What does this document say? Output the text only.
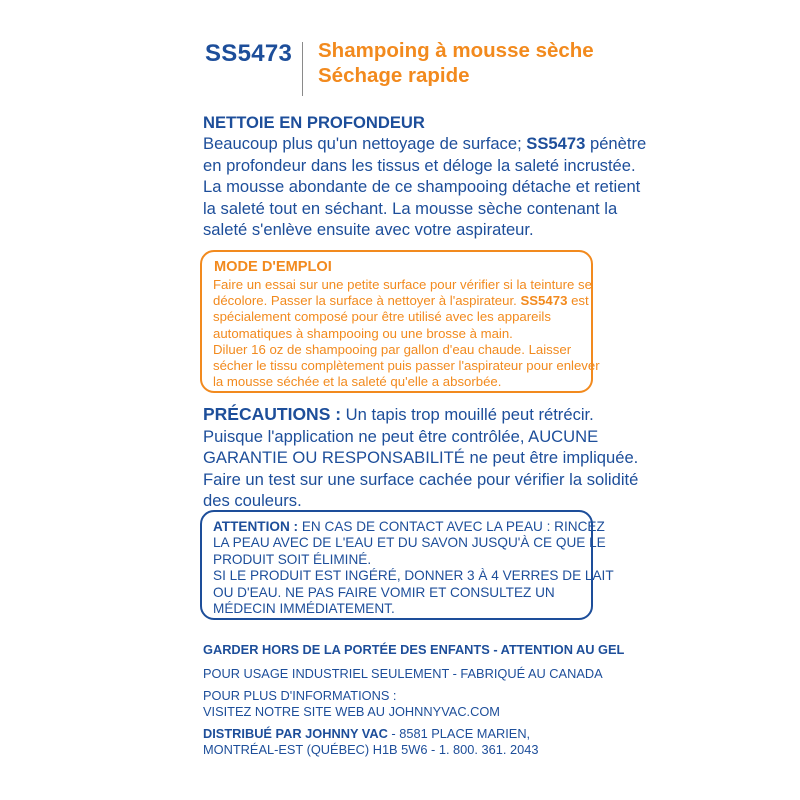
SS5473 Shampoing à mousse sèche
Séchage rapide
NETTOIE EN PROFONDEUR
Beaucoup plus qu'un nettoyage de surface; SS5473 pénètre
en profondeur dans les tissus et déloge la saleté incrustée.
La mousse abondante de ce shampooing détache et retient
la saleté tout en séchant. La mousse sèche contenant la
saleté s'enlève ensuite avec votre aspirateur.
MODE D'EMPLOI
Faire un essai sur une petite surface pour vérifier si la teinture se
décolore. Passer la surface à nettoyer à l'aspirateur. SS5473 est
spécialement composé pour être utilisé avec les appareils
automatiques à shampooing ou une brosse à main.
Diluer 16 oz de shampooing par gallon d'eau chaude. Laisser
sécher le tissu complètement puis passer l'aspirateur pour enlever
la mousse séchée et la saleté qu'elle a absorbée.
PRÉCAUTIONS : Un tapis trop mouillé peut rétrécir.
Puisque l'application ne peut être contrôlée, AUCUNE
GARANTIE OU RESPONSABILITÉ ne peut être impliquée.
Faire un test sur une surface cachée pour vérifier la solidité
des couleurs.
ATTENTION : EN CAS DE CONTACT AVEC LA PEAU : RINCEZ
LA PEAU AVEC DE L'EAU ET DU SAVON JUSQU'À CE QUE LE
PRODUIT SOIT ÉLIMINÉ.
SI LE PRODUIT EST INGÉRÉ, DONNER 3 À 4 VERRES DE LAIT
OU D'EAU. NE PAS FAIRE VOMIR ET CONSULTEZ UN
MÉDECIN IMMÉDIATEMENT.
GARDER HORS DE LA PORTÉE DES ENFANTS - ATTENTION AU GEL
POUR USAGE INDUSTRIEL SEULEMENT - FABRIQUÉ AU CANADA
POUR PLUS D'INFORMATIONS :
VISITEZ NOTRE SITE WEB AU JOHNNYVAC.COM
DISTRIBUÉ PAR JOHNNY VAC - 8581 PLACE MARIEN,
MONTRÉAL-EST (QUÉBEC) H1B 5W6 - 1. 800. 361. 2043
